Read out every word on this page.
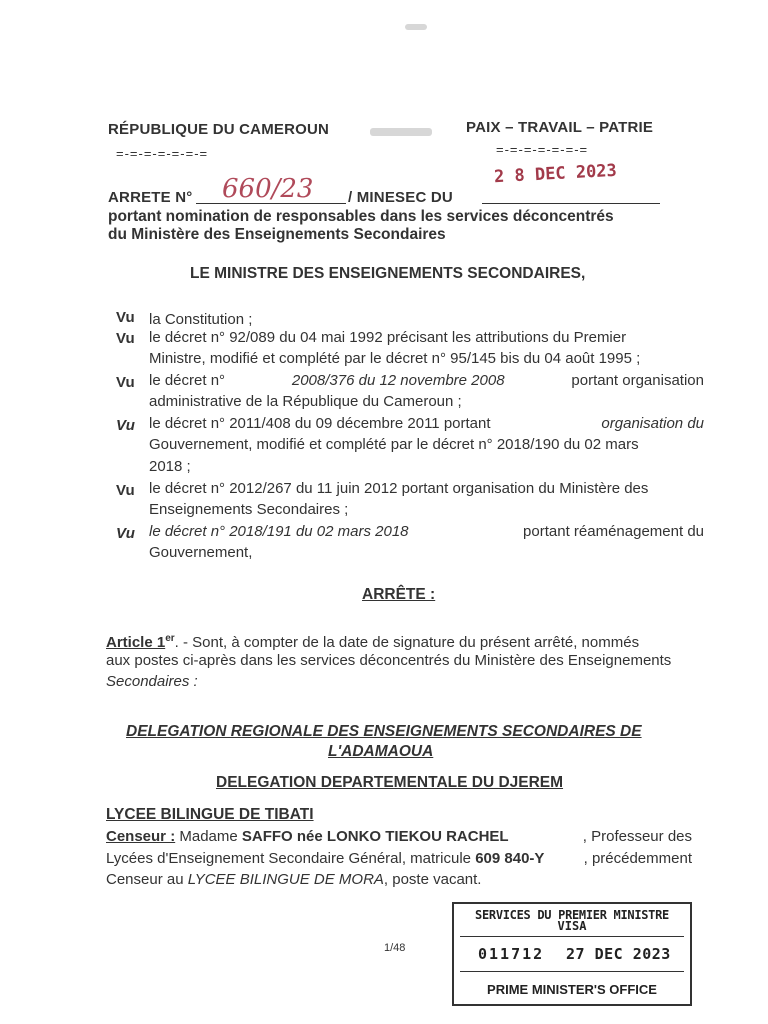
RÉPUBLIQUE DU CAMEROUN
=-=-=-=-=-=-=
PAIX – TRAVAIL – PATRIE
=-=-=-=-=-=-=
2 8 DEC 2023
ARRETE N° 660/23 / MINESEC DU
portant nomination de responsables dans les services déconcentrés
du Ministère des Enseignements Secondaires
LE MINISTRE DES ENSEIGNEMENTS SECONDAIRES,
Vu la Constitution ;
Vu le décret n° 92/089 du 04 mai 1992 précisant les attributions du Premier
Ministre, modifié et complété par le décret n° 95/145 bis du 04 août 1995 ;
Vu le décret n°	2008/376 du 12 novembre 2008	portant organisation
administrative de la République du Cameroun ;
Vu le décret n° 2011/408 du 09 décembre 2011 portant	organisation du
Gouvernement, modifié et complété par le décret n° 2018/190 du 02 mars
2018 ;
Vu le décret n° 2012/267 du 11 juin 2012 portant organisation du Ministère des
Enseignements Secondaires ;
Vu le décret n° 2018/191 du 02 mars 2018	portant réaménagement du
Gouvernement,
ARRÊTE :
Article 1er. - Sont, à compter de la date de signature du présent arrêté, nommés
aux postes ci-après dans les services déconcentrés du Ministère des Enseignements
Secondaires :
DELEGATION REGIONALE DES ENSEIGNEMENTS SECONDAIRES DE
L'ADAMAOUA
DELEGATION DEPARTEMENTALE DU DJEREM
LYCEE BILINGUE DE TIBATI
Censeur : Madame SAFFO née LONKO TIEKOU RACHEL	, Professeur des
Lycées d'Enseignement Secondaire Général, matricule 609 840-Y	, précédemment
Censeur au LYCEE BILINGUE DE MORA, poste vacant.
1/48
SERVICES DU PREMIER MINISTRE
VISA
011712 27 DEC 2023
PRIME MINISTER'S OFFICE
